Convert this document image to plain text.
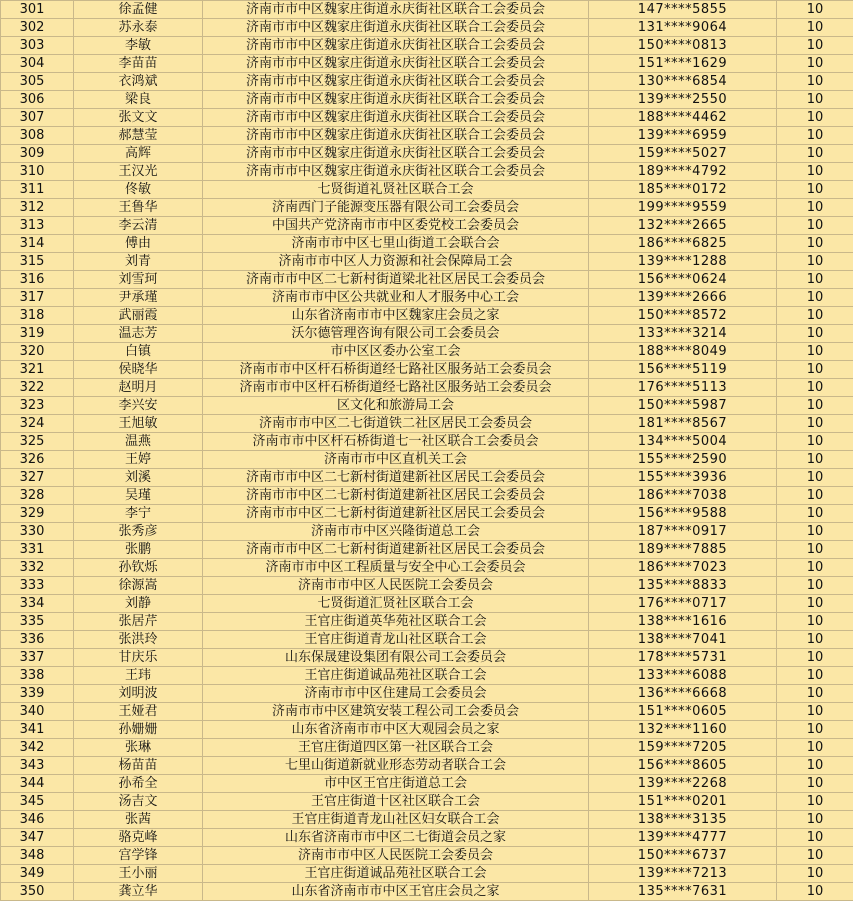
301	徐孟健	济南市市中区魏家庄街道永庆街社区联合工会委员会	147****5855	10
302	苏永泰	济南市市中区魏家庄街道永庆街社区联合工会委员会	131****9064	10
303	李敏	济南市市中区魏家庄街道永庆街社区联合工会委员会	150****0813	10
304	李苗苗	济南市市中区魏家庄街道永庆街社区联合工会委员会	151****1629	10
305	衣鸿斌	济南市市中区魏家庄街道永庆街社区联合工会委员会	130****6854	10
306	梁良	济南市市中区魏家庄街道永庆街社区联合工会委员会	139****2550	10
307	张文文	济南市市中区魏家庄街道永庆街社区联合工会委员会	188****4462	10
308	郝慧莹	济南市市中区魏家庄街道永庆街社区联合工会委员会	139****6959	10
309	高辉	济南市市中区魏家庄街道永庆街社区联合工会委员会	159****5027	10
310	王汉光	济南市市中区魏家庄街道永庆街社区联合工会委员会	189****4792	10
311	佟敏	七贤街道礼贤社区联合工会	185****0172	10
312	王鲁华	济南西门子能源变压器有限公司工会委员会	199****9559	10
313	李云清	中国共产党济南市市中区委党校工会委员会	132****2665	10
314	傅由	济南市市中区七里山街道工会联合会	186****6825	10
315	刘青	济南市市中区人力资源和社会保障局工会	139****1288	10
316	刘雪珂	济南市市中区二七新村街道梁北社区居民工会委员会	156****0624	10
317	尹承瑾	济南市市中区公共就业和人才服务中心工会	139****2666	10
318	武丽霞	山东省济南市市中区魏家庄会员之家	150****8572	10
319	温志芳	沃尔德管理咨询有限公司工会委员会	133****3214	10
320	白镇	市中区区委办公室工会	188****8049	10
321	侯晓华	济南市市中区杆石桥街道经七路社区服务站工会委员会	156****5119	10
322	赵明月	济南市市中区杆石桥街道经七路社区服务站工会委员会	176****5113	10
323	李兴安	区文化和旅游局工会	150****5987	10
324	王旭敏	济南市市中区二七街道铁二社区居民工会委员会	181****8567	10
325	温燕	济南市市中区杆石桥街道七一社区联合工会委员会	134****5004	10
326	王婷	济南市市中区直机关工会	155****2590	10
327	刘溪	济南市市中区二七新村街道建新社区居民工会委员会	155****3936	10
328	吴瑾	济南市市中区二七新村街道建新社区居民工会委员会	186****7038	10
329	李宁	济南市市中区二七新村街道建新社区居民工会委员会	156****9588	10
330	张秀彦	济南市市中区兴隆街道总工会	187****0917	10
331	张鹏	济南市市中区二七新村街道建新社区居民工会委员会	189****7885	10
332	孙钦烁	济南市市中区工程质量与安全中心工会委员会	186****7023	10
333	徐源嵩	济南市市中区人民医院工会委员会	135****8833	10
334	刘静	七贤街道汇贤社区联合工会	176****0717	10
335	张居芹	王官庄街道英华苑社区联合工会	138****1616	10
336	张洪玲	王官庄街道青龙山社区联合工会	138****7041	10
337	甘庆乐	山东保晟建设集团有限公司工会委员会	178****5731	10
338	王玮	王官庄街道诚品苑社区联合工会	133****6088	10
339	刘明波	济南市市中区住建局工会委员会	136****6668	10
340	王娅君	济南市市中区建筑安装工程公司工会委员会	151****0605	10
341	孙姗姗	山东省济南市市中区大观园会员之家	132****1160	10
342	张琳	王官庄街道四区第一社区联合工会	159****7205	10
343	杨苗苗	七里山街道新就业形态劳动者联合工会	156****8605	10
344	孙希全	市中区王官庄街道总工会	139****2268	10
345	汤吉文	王官庄街道十区社区联合工会	151****0201	10
346	张茜	王官庄街道青龙山社区妇女联合工会	138****3135	10
347	骆克峰	山东省济南市市中区二七街道会员之家	139****4777	10
348	宫学锋	济南市市中区人民医院工会委员会	150****6737	10
349	王小丽	王官庄街道诚品苑社区联合工会	139****7213	10
350	龚立华	山东省济南市市中区王官庄会员之家	135****7631	10
